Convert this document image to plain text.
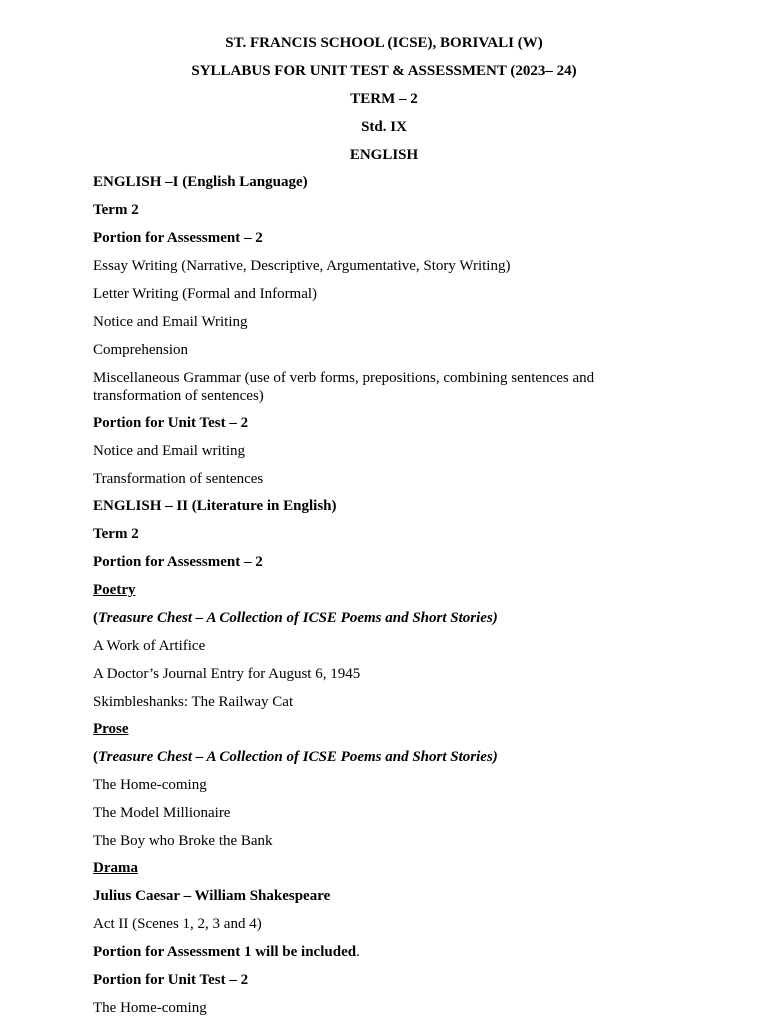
ST. FRANCIS SCHOOL (ICSE), BORIVALI (W)
SYLLABUS FOR UNIT TEST & ASSESSMENT (2023– 24)
TERM – 2
Std. IX
ENGLISH
ENGLISH –I (English Language)
Term 2
Portion for Assessment – 2
Essay Writing (Narrative, Descriptive, Argumentative, Story Writing)
Letter Writing (Formal and Informal)
Notice and Email Writing
Comprehension
Miscellaneous Grammar (use of verb forms, prepositions, combining sentences and transformation of sentences)
Portion for Unit Test – 2
Notice and Email writing
Transformation of sentences
ENGLISH – II (Literature in English)
Term 2
Portion for Assessment – 2
Poetry
(Treasure Chest – A Collection of ICSE Poems and Short Stories)
A Work of Artifice
A Doctor’s Journal Entry for August 6, 1945
Skimbleshanks: The Railway Cat
Prose
(Treasure Chest – A Collection of ICSE Poems and Short Stories)
The Home-coming
The Model Millionaire
The Boy who Broke the Bank
Drama
Julius Caesar – William Shakespeare
Act II (Scenes 1, 2, 3 and 4)
Portion for Assessment 1 will be included.
Portion for Unit Test – 2
The Home-coming
